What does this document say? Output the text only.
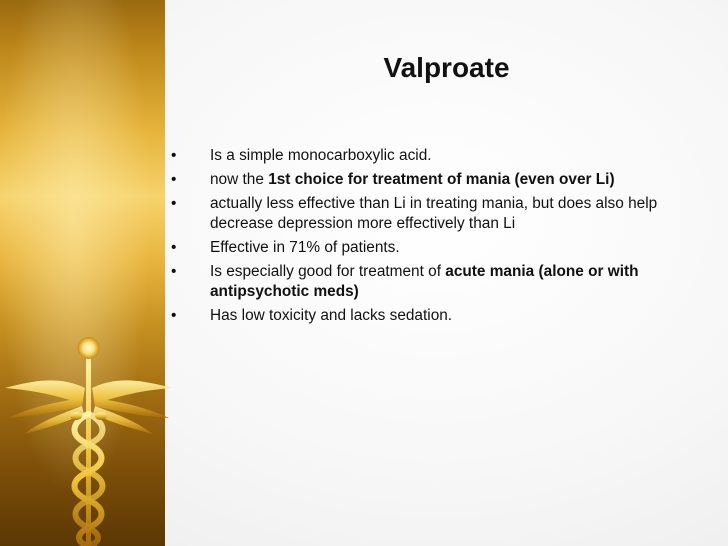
Valproate
• Is a simple monocarboxylic acid.
• now the 1st choice for treatment of mania (even over Li)
• actually less effective than Li in treating mania, but does also help decrease depression more effectively than Li
• Effective in 71% of patients.
• Is especially good for treatment of acute mania (alone or with antipsychotic meds)
• Has low toxicity and lacks sedation.
